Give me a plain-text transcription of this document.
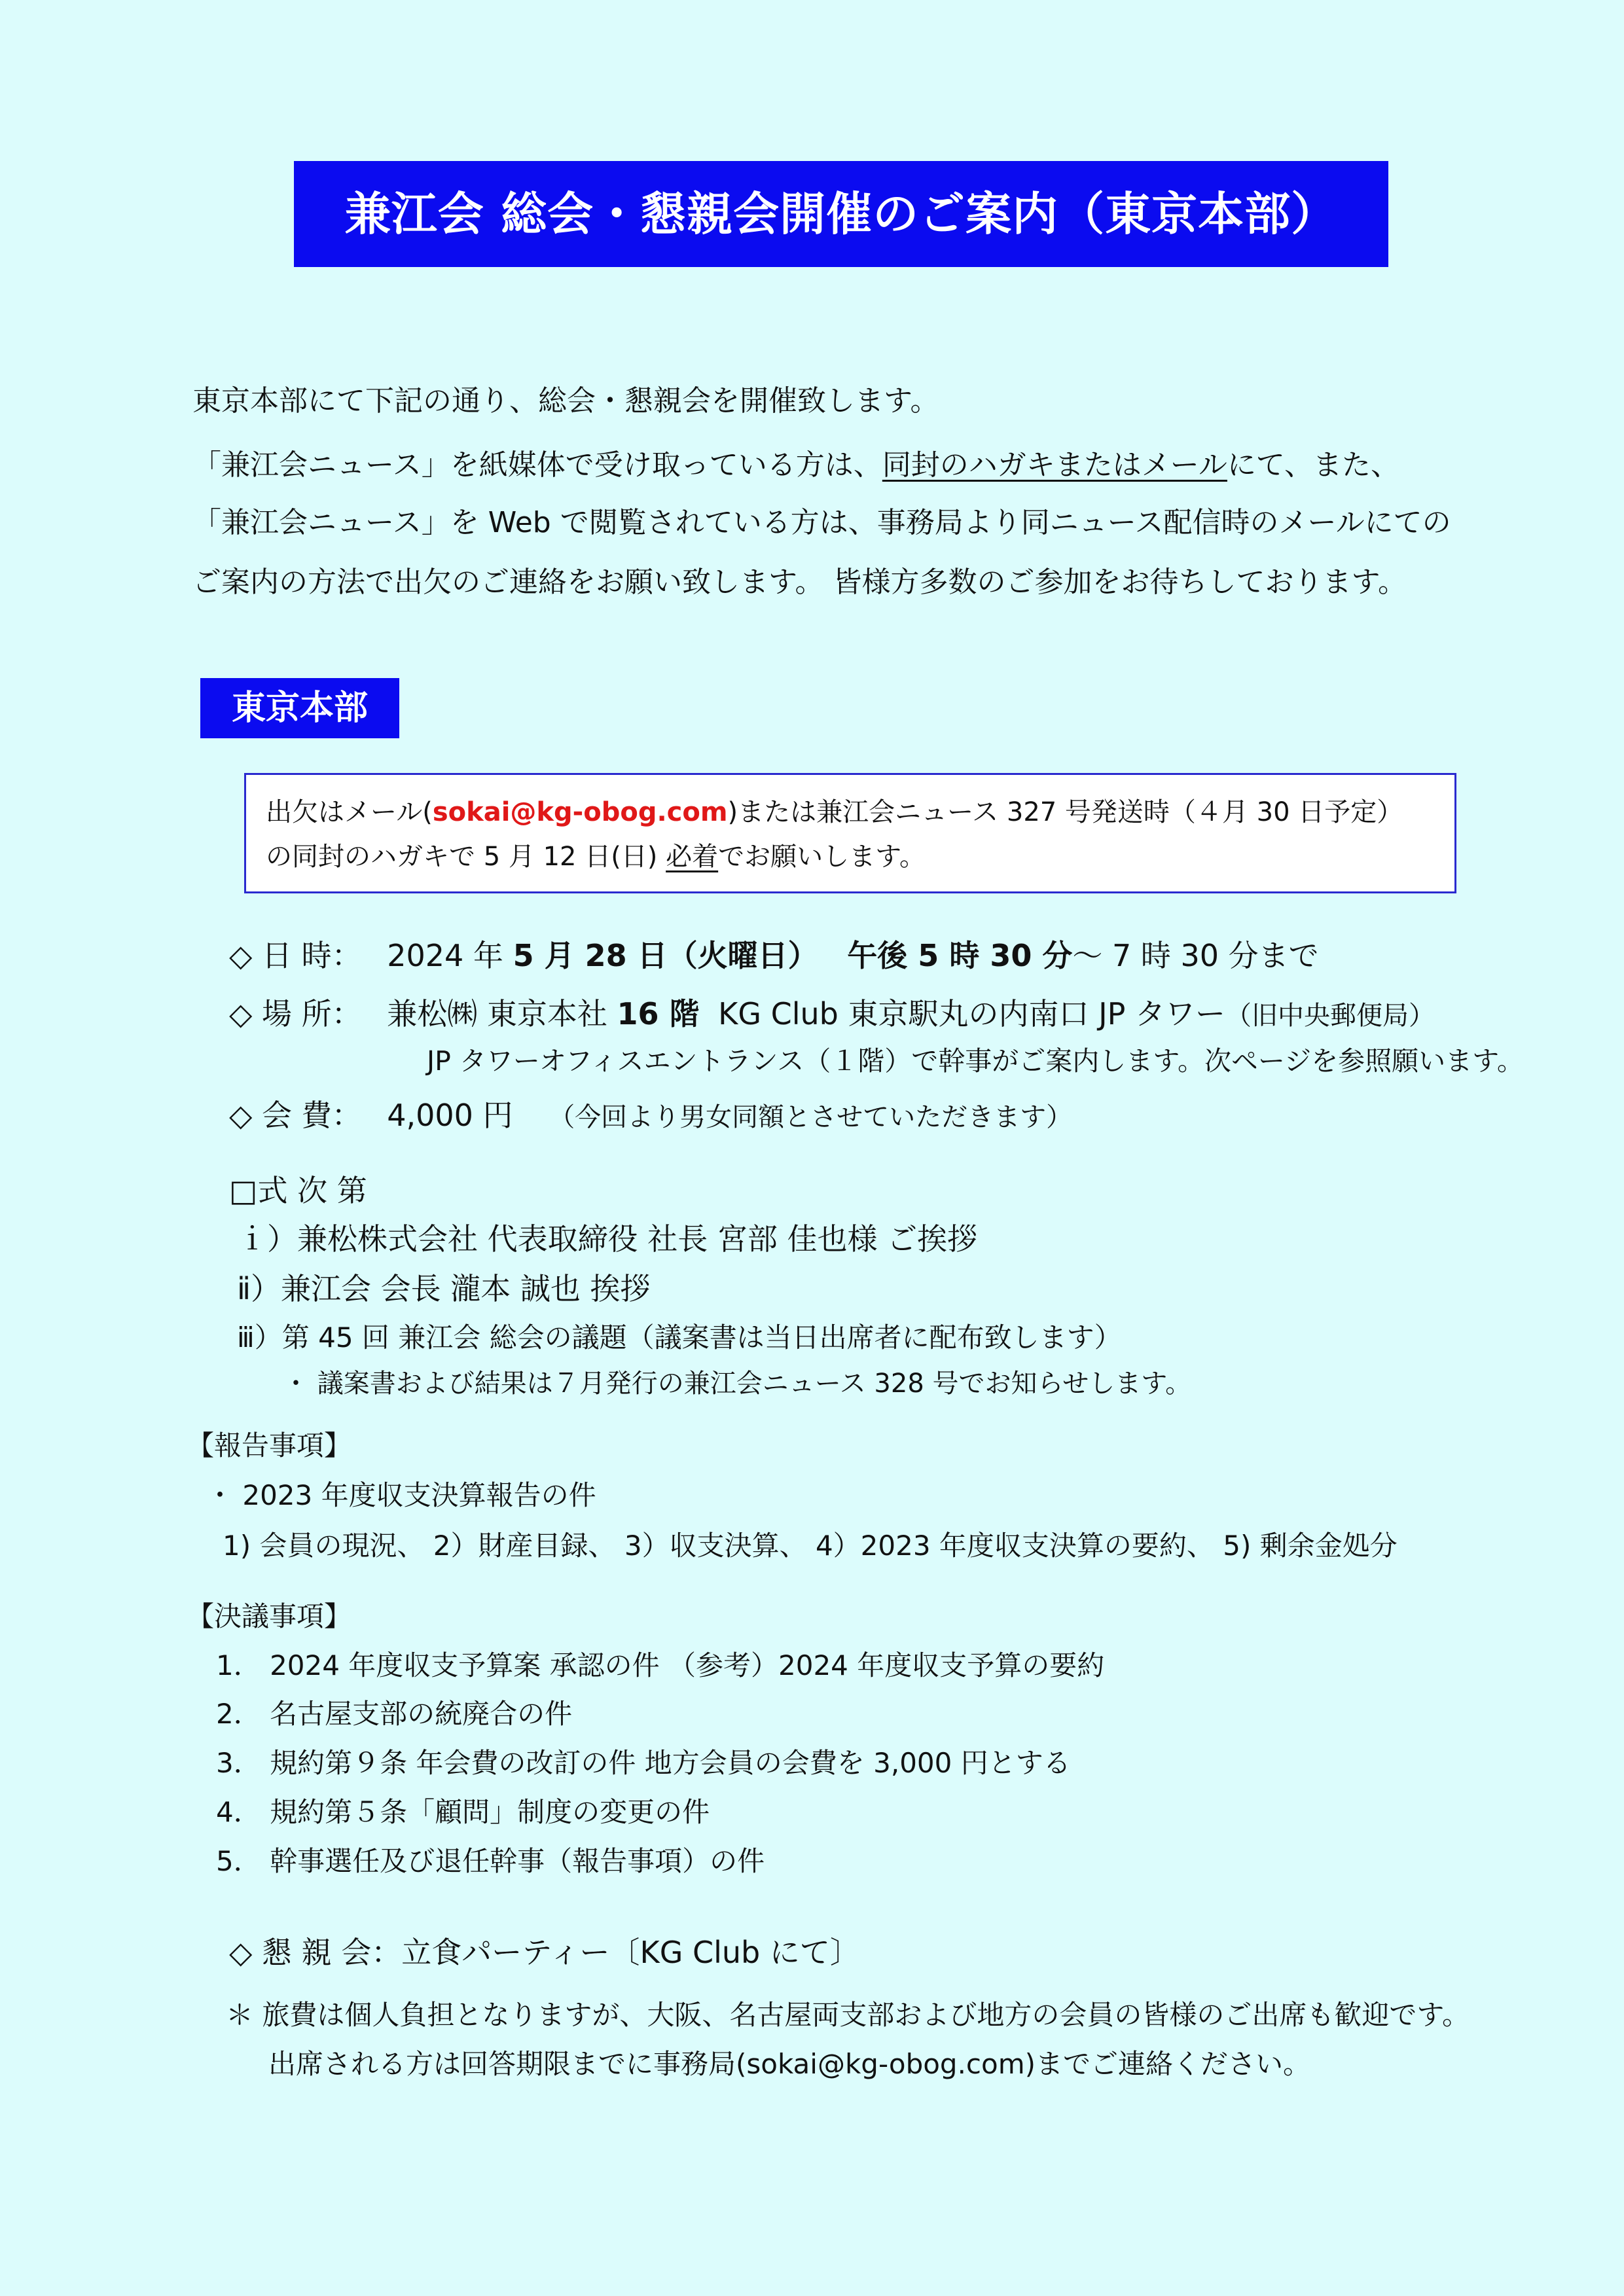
兼江会 総会・懇親会開催のご案内（東京本部）
東京本部にて下記の通り、総会・懇親会を開催致します。
「兼江会ニュース」を紙媒体で受け取っている方は、同封のハガキまたはメールにて、また、
「兼江会ニュース」を Web で閲覧されている方は、事務局より同ニュース配信時のメールにての
ご案内の方法で出欠のご連絡をお願い致します。 皆様方多数のご参加をお待ちしております。
東京本部
出欠はメール(sokai@kg-obog.com)または兼江会ニュース 327 号発送時（４月 30 日予定）
の同封のハガキで 5 月 12 日(日) 必着でお願いします。
◇ 日 時： 2024 年 5 月 28 日（火曜日） 午後 5 時 30 分～ 7 時 30 分まで
◇ 場 所： 兼松㈱ 東京本社 16 階 KG Club 東京駅丸の内南口 JP タワー（旧中央郵便局）
JP タワーオフィスエントランス（１階）で幹事がご案内します。次ページを参照願います。
◇ 会 費： 4,000 円 （今回より男女同額とさせていただきます）
□式 次 第
ｉ）兼松株式会社 代表取締役 社長 宮部 佳也様 ご挨拶
ⅱ）兼江会 会長 瀧本 誠也 挨拶
ⅲ）第 45 回 兼江会 総会の議題（議案書は当日出席者に配布致します）
・ 議案書および結果は７月発行の兼江会ニュース 328 号でお知らせします。
【報告事項】
・ 2023 年度収支決算報告の件
1) 会員の現況、 2）財産目録、 3）収支決算、 4）2023 年度収支決算の要約、 5) 剰余金処分
【決議事項】
1． 2024 年度収支予算案 承認の件 （参考）2024 年度収支予算の要約
2． 名古屋支部の統廃合の件
3． 規約第９条 年会費の改訂の件 地方会員の会費を 3,000 円とする
4． 規約第５条「顧問」制度の変更の件
5． 幹事選任及び退任幹事（報告事項）の件
◇ 懇 親 会：立食パーティー〔KG Club にて〕
＊ 旅費は個人負担となりますが、大阪、名古屋両支部および地方の会員の皆様のご出席も歓迎です。
出席される方は回答期限までに事務局(sokai@kg-obog.com)までご連絡ください。
